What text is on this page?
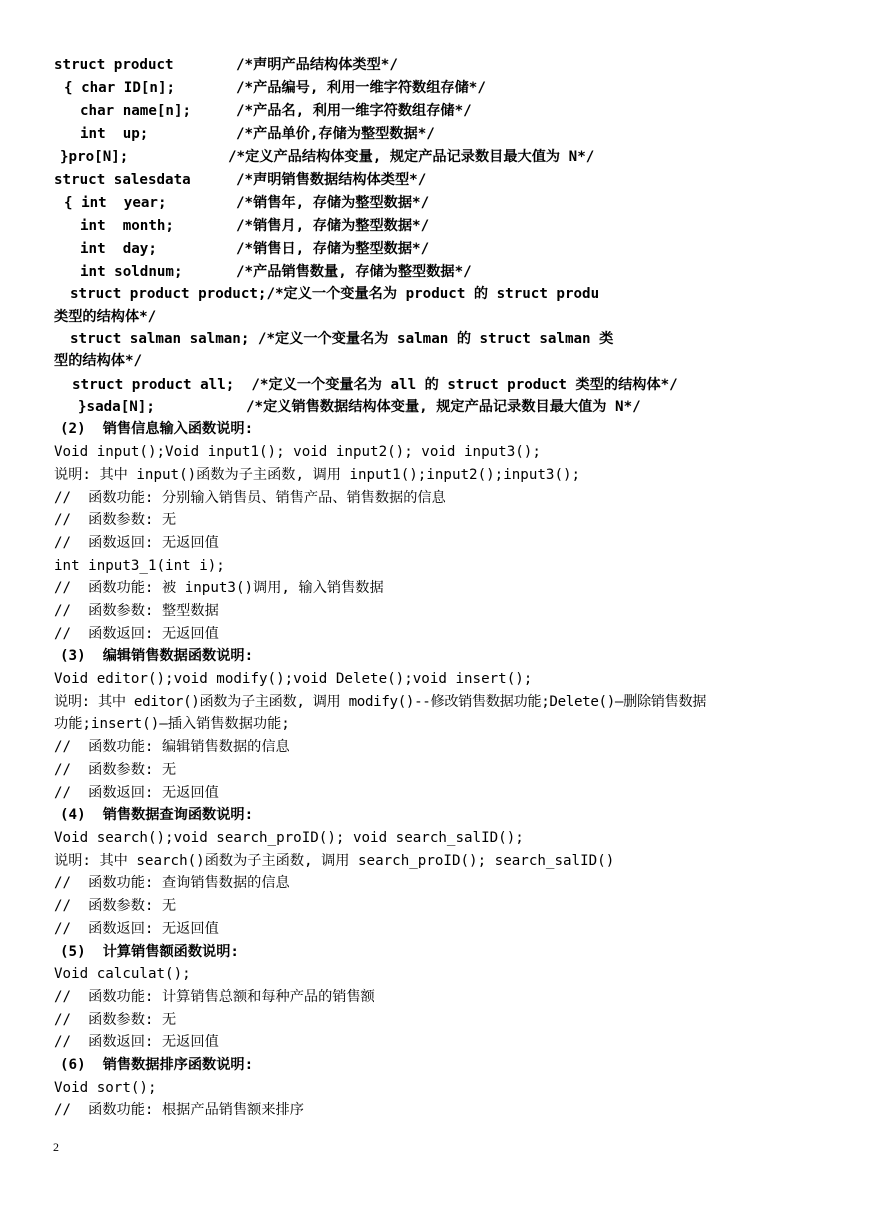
struct product	/*声明产品结构体类型*/
{ char ID[n];	/*产品编号, 利用一维字符数组存储*/
char name[n];	/*产品名, 利用一维字符数组存储*/
int  up;	/*产品单价,存储为整型数据*/
}pro[N];	/*定义产品结构体变量, 规定产品记录数目最大值为 N*/
struct salesdata	/*声明销售数据结构体类型*/
{ int  year;	/*销售年, 存储为整型数据*/
int  month;	/*销售月, 存储为整型数据*/
int  day;	/*销售日, 存储为整型数据*/
int soldnum;	/*产品销售数量, 存储为整型数据*/
struct product product;/*定义一个变量名为 product 的 struct produ
类型的结构体*/
struct salman salman; /*定义一个变量名为 salman 的 struct salman 类
型的结构体*/
struct product all;  /*定义一个变量名为 all 的 struct product 类型的结构体*/
}sada[N];	/*定义销售数据结构体变量, 规定产品记录数目最大值为 N*/
(2)  销售信息输入函数说明:
Void input();Void input1(); void input2(); void input3();
说明: 其中 input()函数为子主函数, 调用 input1();input2();input3();
//  函数功能: 分别输入销售员、销售产品、销售数据的信息
//  函数参数: 无
//  函数返回: 无返回值
int input3_1(int i);
//  函数功能: 被 input3()调用, 输入销售数据
//  函数参数: 整型数据
//  函数返回: 无返回值
(3)  编辑销售数据函数说明:
Void editor();void modify();void Delete();void insert();
说明: 其中 editor()函数为子主函数, 调用 modify()--修改销售数据功能;Delete()—删除销售数据
功能;insert()—插入销售数据功能;
//  函数功能: 编辑销售数据的信息
//  函数参数: 无
//  函数返回: 无返回值
(4)  销售数据查询函数说明:
Void search();void search_proID(); void search_salID();
说明: 其中 search()函数为子主函数, 调用 search_proID(); search_salID()
//  函数功能: 查询销售数据的信息
//  函数参数: 无
//  函数返回: 无返回值
(5)  计算销售额函数说明:
Void calculat();
//  函数功能: 计算销售总额和每种产品的销售额
//  函数参数: 无
//  函数返回: 无返回值
(6)  销售数据排序函数说明:
Void sort();
//  函数功能: 根据产品销售额来排序
2
